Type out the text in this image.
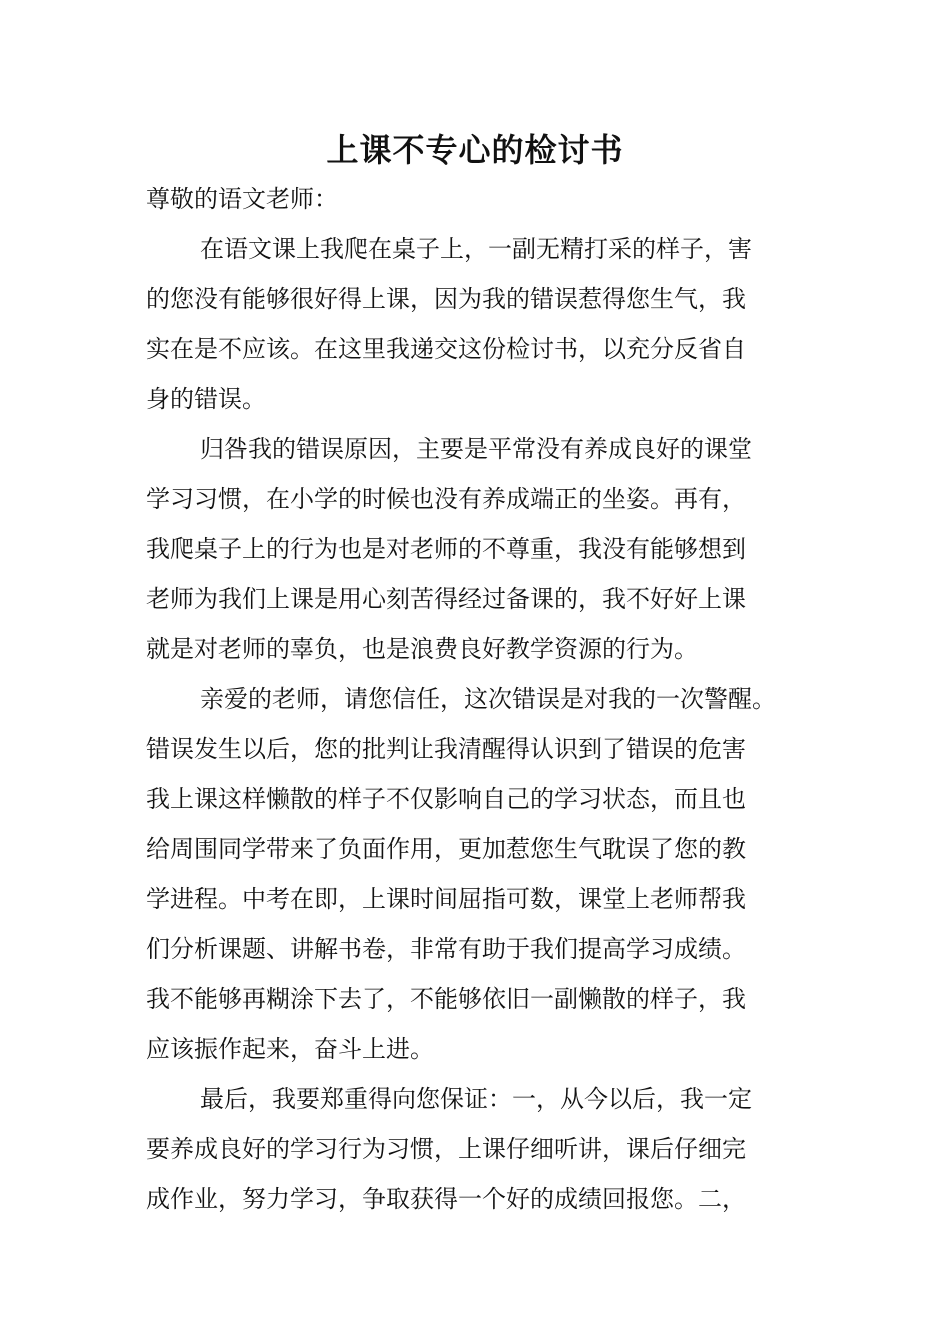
上课不专心的检讨书
尊敬的语文老师：
在语文课上我爬在桌子上，一副无精打采的样子，害
的您没有能够很好得上课，因为我的错误惹得您生气，我
实在是不应该。在这里我递交这份检讨书，以充分反省自
身的错误。
归咎我的错误原因，主要是平常没有养成良好的课堂
学习习惯，在小学的时候也没有养成端正的坐姿。再有，
我爬桌子上的行为也是对老师的不尊重，我没有能够想到
老师为我们上课是用心刻苦得经过备课的，我不好好上课
就是对老师的辜负，也是浪费良好教学资源的行为。
亲爱的老师，请您信任，这次错误是对我的一次警醒。
错误发生以后，您的批判让我清醒得认识到了错误的危害
我上课这样懒散的样子不仅影响自己的学习状态，而且也
给周围同学带来了负面作用，更加惹您生气耽误了您的教
学进程。中考在即，上课时间屈指可数，课堂上老师帮我
们分析课题、讲解书卷，非常有助于我们提高学习成绩。
我不能够再糊涂下去了，不能够依旧一副懒散的样子，我
应该振作起来，奋斗上进。
最后，我要郑重得向您保证：一，从今以后，我一定
要养成良好的学习行为习惯，上课仔细听讲，课后仔细完
成作业，努力学习，争取获得一个好的成绩回报您。二，
